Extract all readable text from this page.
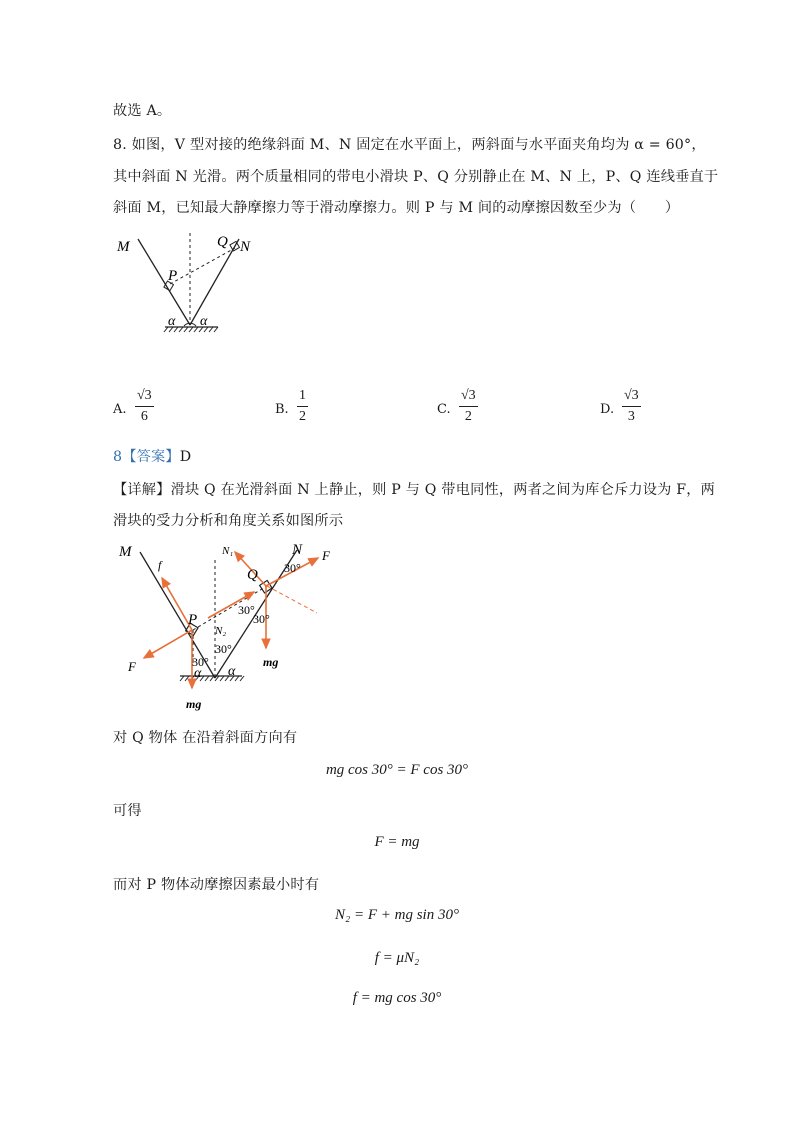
故选 A。
8. 如图，V 型对接的绝缘斜面 M、N 固定在水平面上，两斜面与水平面夹角均为 α = 60°，
其中斜面 N 光滑。两个质量相同的带电小滑块 P、Q 分别静止在 M、N 上，P、Q 连线垂直于
斜面 M，已知最大静摩擦力等于滑动摩擦力。则 P 与 M 间的动摩擦因数至少为（　　）
M	N
Q
P
α α
A. $\frac{√3}{6}$	B. $\frac{1}{2}$	C. $\frac{√3}{2}$	D. $\frac{√3}{3}$
8【答案】D
【详解】滑块 Q 在光滑斜面 N 上静止，则 P 与 Q 带电同性，两者之间为库仑斥力设为 F，两
滑块的受力分析和角度关系如图所示
M	N
N₁
f
F
F
P
Q
N₂
mg
mg
30°
30°
30°
30°
30°
α α
对 Q 物体 在沿着斜面方向有
mg cos 30° = F cos 30°
可得
F = mg
而对 P 物体动摩擦因素最小时有
N₂ = F + mg sin 30°
f = μN₂
f = mg cos 30°
